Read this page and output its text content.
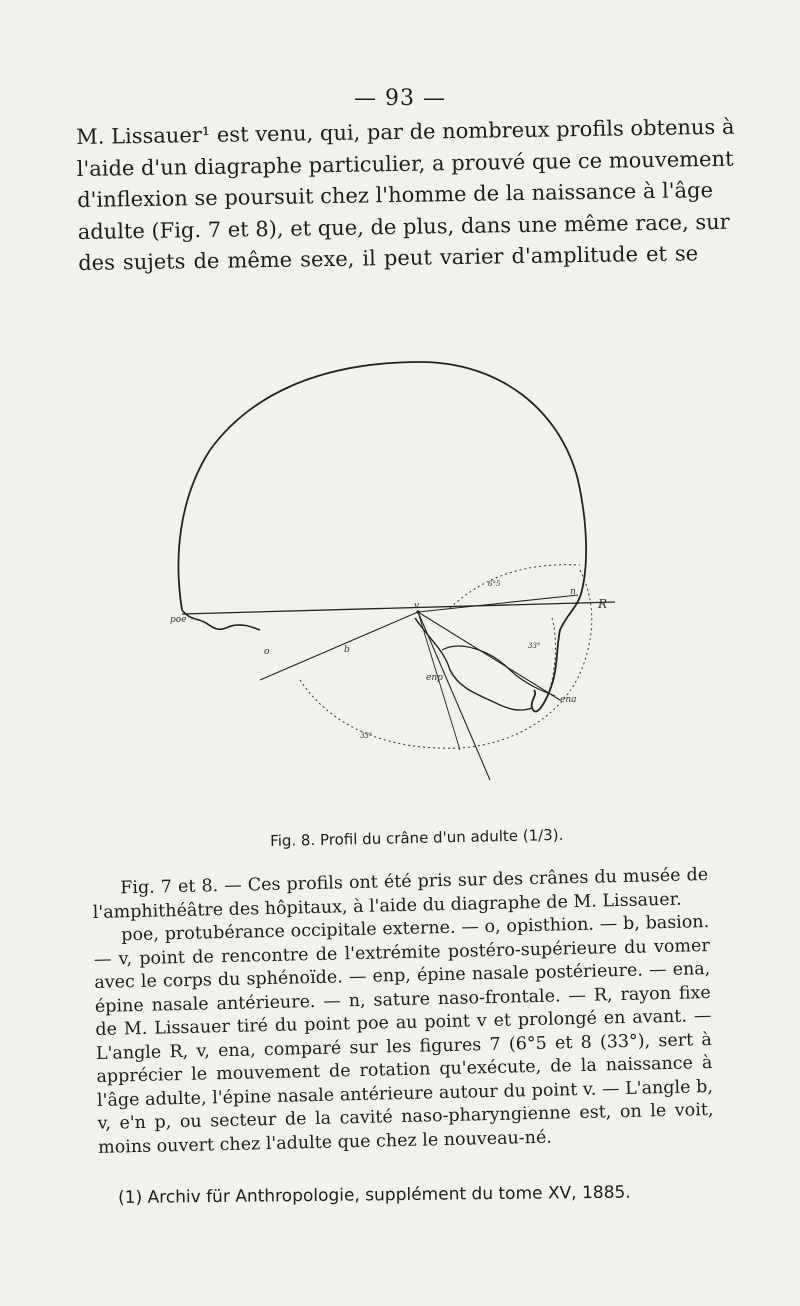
— 93 —
M. Lissauer¹ est venu, qui, par de nombreux profils obtenus à
l'aide d'un diagraphe particulier, a prouvé que ce mouvement
d'inflexion se poursuit chez l'homme de la naissance à l'âge
adulte (Fig. 7 et 8), et que, de plus, dans une même race, sur
des sujets de même sexe, il peut varier d'amplitude et se
poe
o	b
v
enp
ena
n
R
6°5
33°
33°
Fig. 8. Profil du crâne d'un adulte (1/3).

Fig. 7 et 8. — Ces profils ont été pris sur des crânes du musée de l'amphithéâtre des hôpitaux, à l'aide du diagraphe de M. Lissauer.

poe, protubérance occipitale externe. — o, opisthion. — b, basion. — v, point de rencontre de l'extrémite postéro-supérieure du vomer avec le corps du sphénoïde. — enp, épine nasale postérieure. — ena, épine nasale antérieure. — n, sature naso-frontale. — R, rayon fixe de M. Lissauer tiré du point poe au point v et prolongé en avant. — L'angle R, v, ena, comparé sur les figures 7 (6°5 et 8 (33°), sert à apprécier le mouvement de rotation qu'exécute, de la naissance à l'âge adulte, l'épine nasale antérieure autour du point v. — L'angle b, v, e'n p, ou secteur de la cavité naso-pharyngienne est, on le voit, moins ouvert chez l'adulte que chez le nouveau-né.

(1) Archiv für Anthropologie, supplément du tome XV, 1885.
